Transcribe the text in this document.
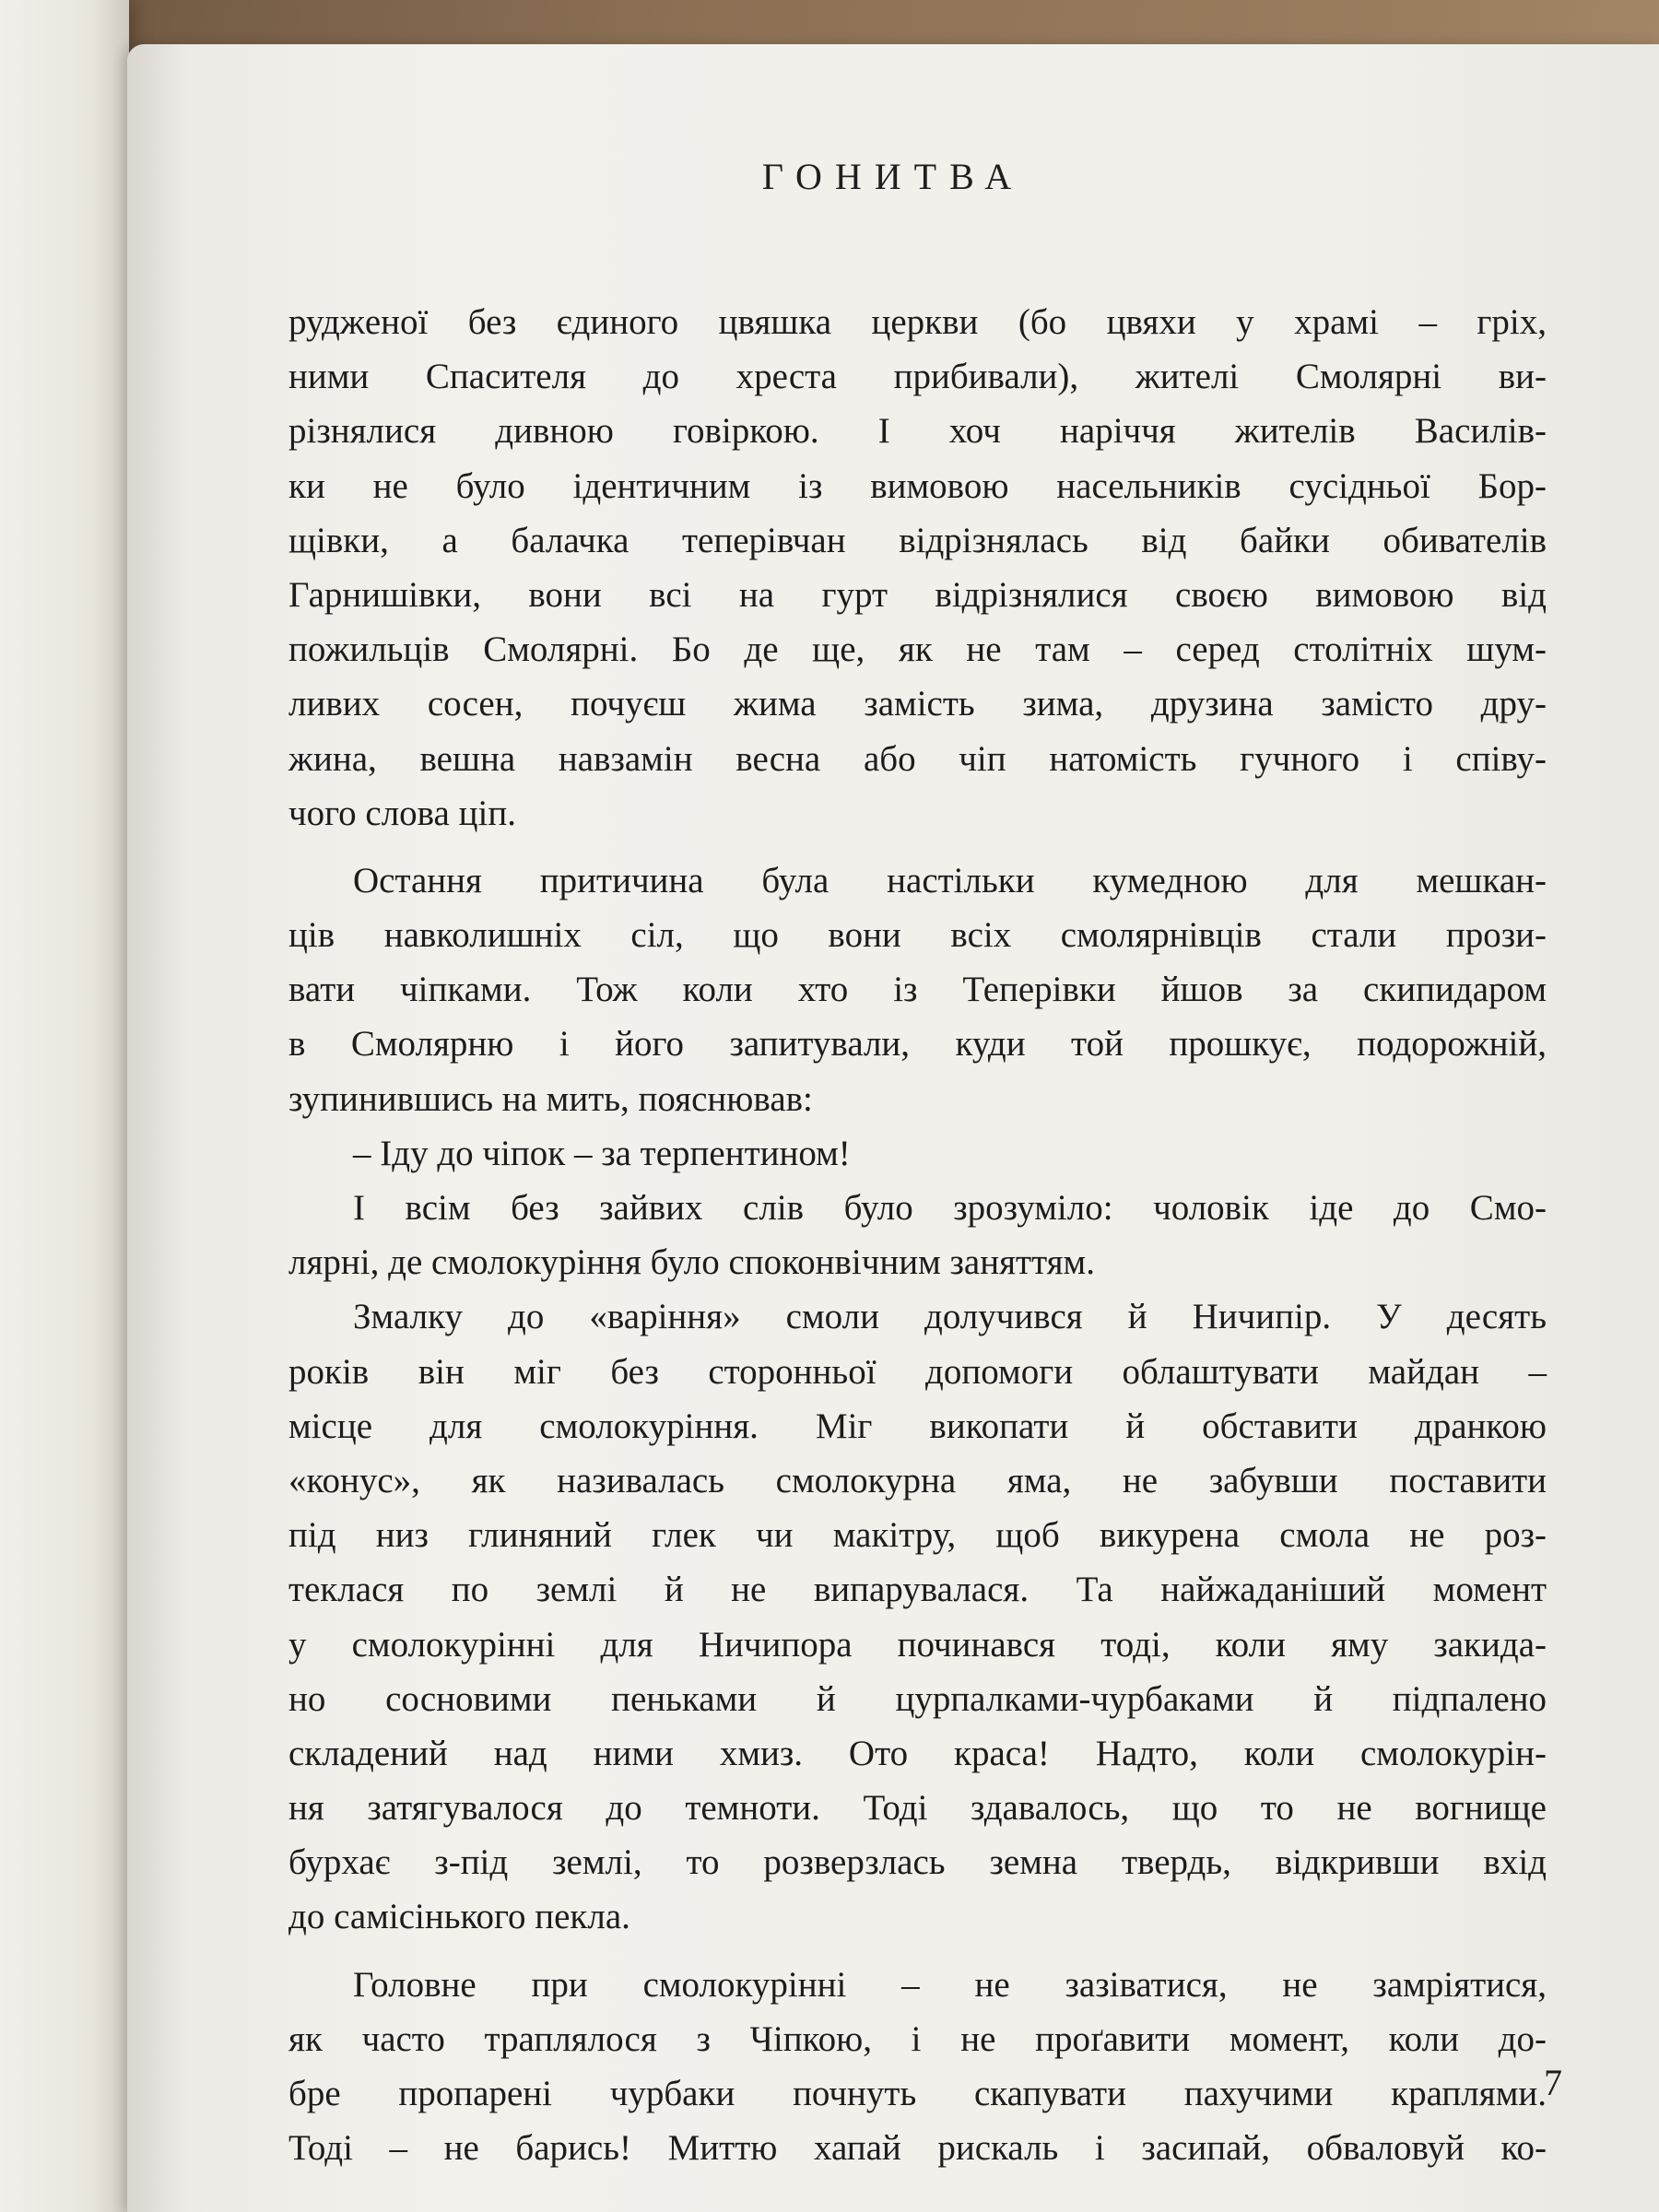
ГОНИТВА
руджeної без єдиного цвяшка церкви (бо цвяхи у храмі – гріх,
ними Спасителя до хреста прибивали), жителі Смолярні ви-
різнялися дивною говіркою. І хоч наріччя жителів Василів-
ки не було ідентичним із вимовою насельників сусідньої Бор-
щівки, а балачка теперівчан відрізнялась від байки обивателів
Гарнишівки, вони всі на гурт відрізнялися своєю вимовою від
пожильців Смолярні. Бо де ще, як не там – серед столітніх шум-
ливих сосен, почуєш жима замість зима, друзина замісто дру-
жина, вешна навзамін весна або чіп натомість гучного і співу-
чого слова ціп.
Остання притичина була настільки кумедною для мешкан-
ців навколишніх сіл, що вони всіх смолярнівців стали прози-
вати чіпками. Тож коли хто із Теперівки йшов за скипидаром
в Смолярню і його запитували, куди той прошкує, подорожній,
зупинившись на мить, пояснював:
– Іду до чіпок – за терпентином!
І всім без зайвих слів було зрозуміло: чоловік іде до Смо-
лярні, де смолокуріння було споконвічним заняттям.
Змалку до «варіння» смоли долучився й Ничипір. У десять
років він міг без сторонньої допомоги облаштувати майдан –
місце для смолокуріння. Міг викопати й обставити дранкою
«конус», як називалась смолокурна яма, не забувши поставити
під низ глиняний глек чи макітру, щоб викурена смола не роз-
теклася по землі й не випарувалася. Та найжаданіший момент
у смолокурінні для Ничипора починався тоді, коли яму закида-
но сосновими пеньками й цурпалками-чурбаками й підпалено
складений над ними хмиз. Ото краса! Надто, коли смолокурін-
ня затягувалося до темноти. Тоді здавалось, що то не вогнище
бурхає з-під землі, то розверзлась земна твердь, відкривши вхід
до самісінького пекла.
Головне при смолокурінні – не зазіватися, не замріятися,
як часто траплялося з Чіпкою, і не проґавити момент, коли до-
бре пропарені чурбаки почнуть скапувати пахучими краплями.
Тоді – не барись! Миттю хапай рискаль і засипай, обваловуй ко-
7
